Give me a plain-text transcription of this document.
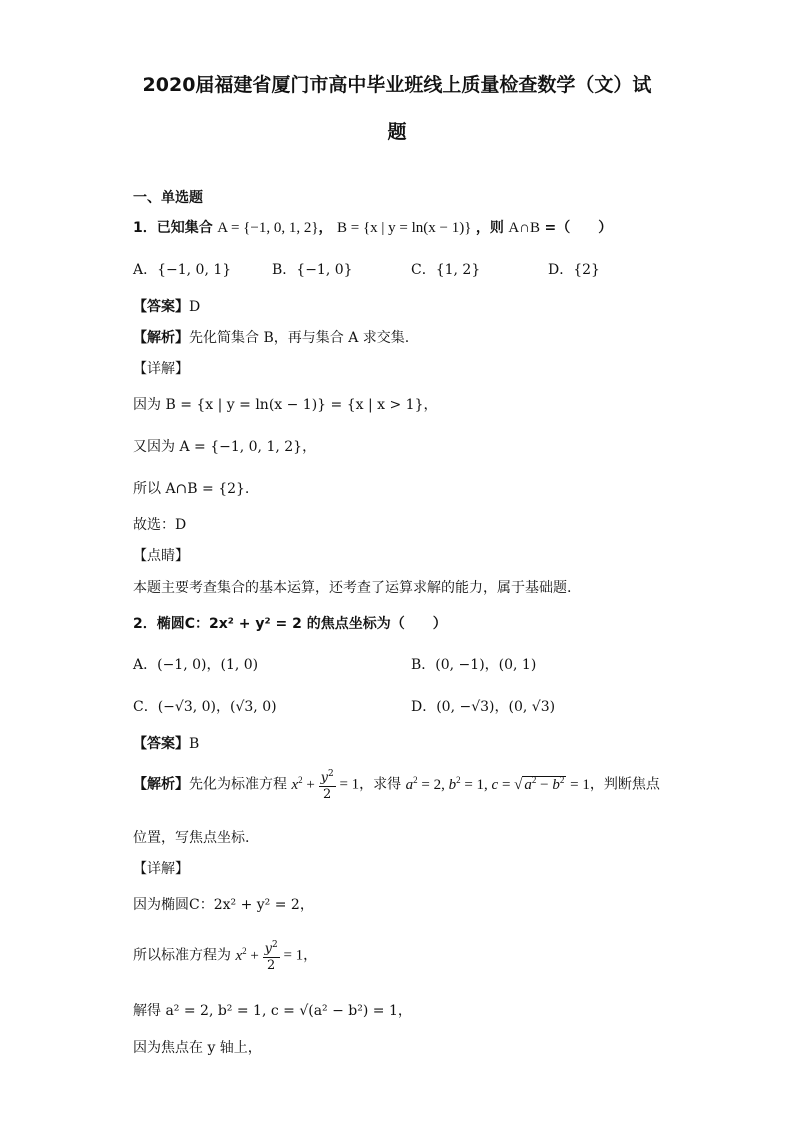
2020届福建省厦门市高中毕业班线上质量检查数学（文）试
题
一、单选题
1．已知集合 A = {−1, 0, 1, 2}， B = {x | y = ln(x − 1)} ，则 A∩B =（　　）
A．{−1, 0, 1}	B．{−1, 0}	C．{1, 2}	D．{2}
【答案】D
【解析】先化简集合 B，再与集合 A 求交集.
【详解】
因为 B = {x | y = ln(x − 1)} = {x | x > 1}，
又因为 A = {−1, 0, 1, 2}，
所以 A∩B = {2}.
故选：D
【点睛】
本题主要考查集合的基本运算，还考查了运算求解的能力，属于基础题.
2．椭圆C：2x² + y² = 2 的焦点坐标为（　　）
A．(−1, 0)，(1, 0)	B．(0, −1)，(0, 1)
C．(−√3, 0)，(√3, 0)	D．(0, −√3)，(0, √3)
【答案】B
【解析】先化为标准方程 $x^2 + \frac{y^2}{2} = 1$，求得 $a^2 = 2$, $b^2 = 1$, c = √ $a^2 - b^2 = 1$，判断焦点
位置，写焦点坐标.
【详解】
因为椭圆C：2x² + y² = 2，
所以标准方程为 $x^2 + \frac{y^2}{2} = 1$，
解得 a² = 2, b² = 1, c = √(a² − b²) = 1，
因为焦点在 y 轴上，
